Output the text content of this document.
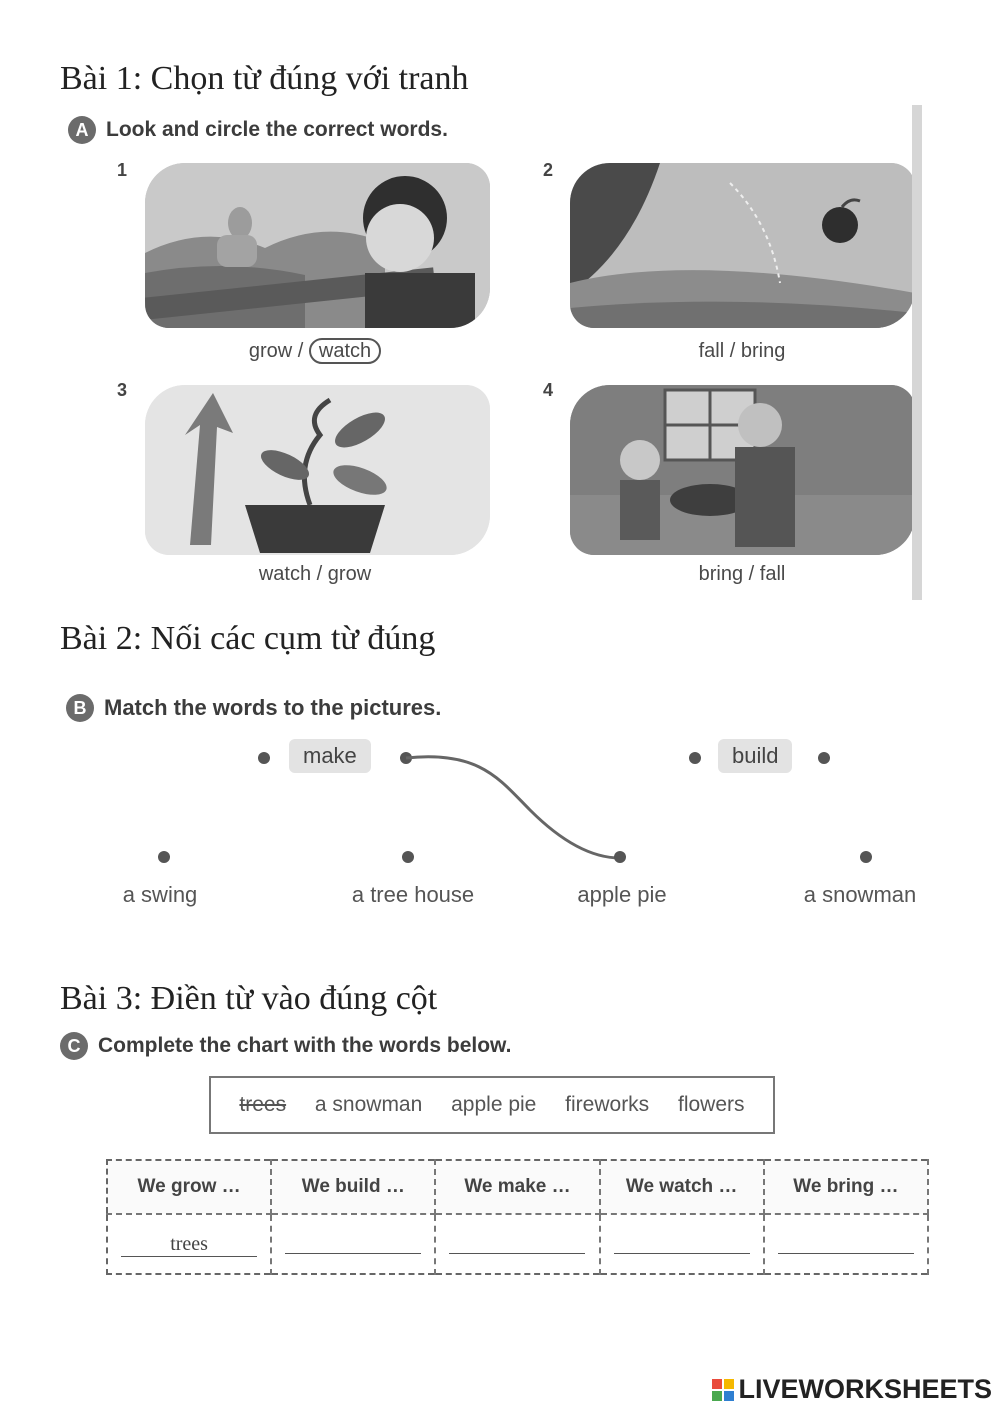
Bài 1: Chọn từ đúng với tranh
A Look and circle the correct words.
1
grow / watch
2
fall / bring
3
watch / grow
4
bring / fall
Bài 2: Nối các cụm từ đúng
B Match the words to the pictures.
make	build
a swing	a tree house	apple pie	a snowman
Bài 3: Điền từ vào đúng cột
C Complete the chart with the words below.
trees a snowman apple pie fireworks flowers
We grow …	We build …	We make …	We watch …	We bring …
trees				
LIVEWORKSHEETS
